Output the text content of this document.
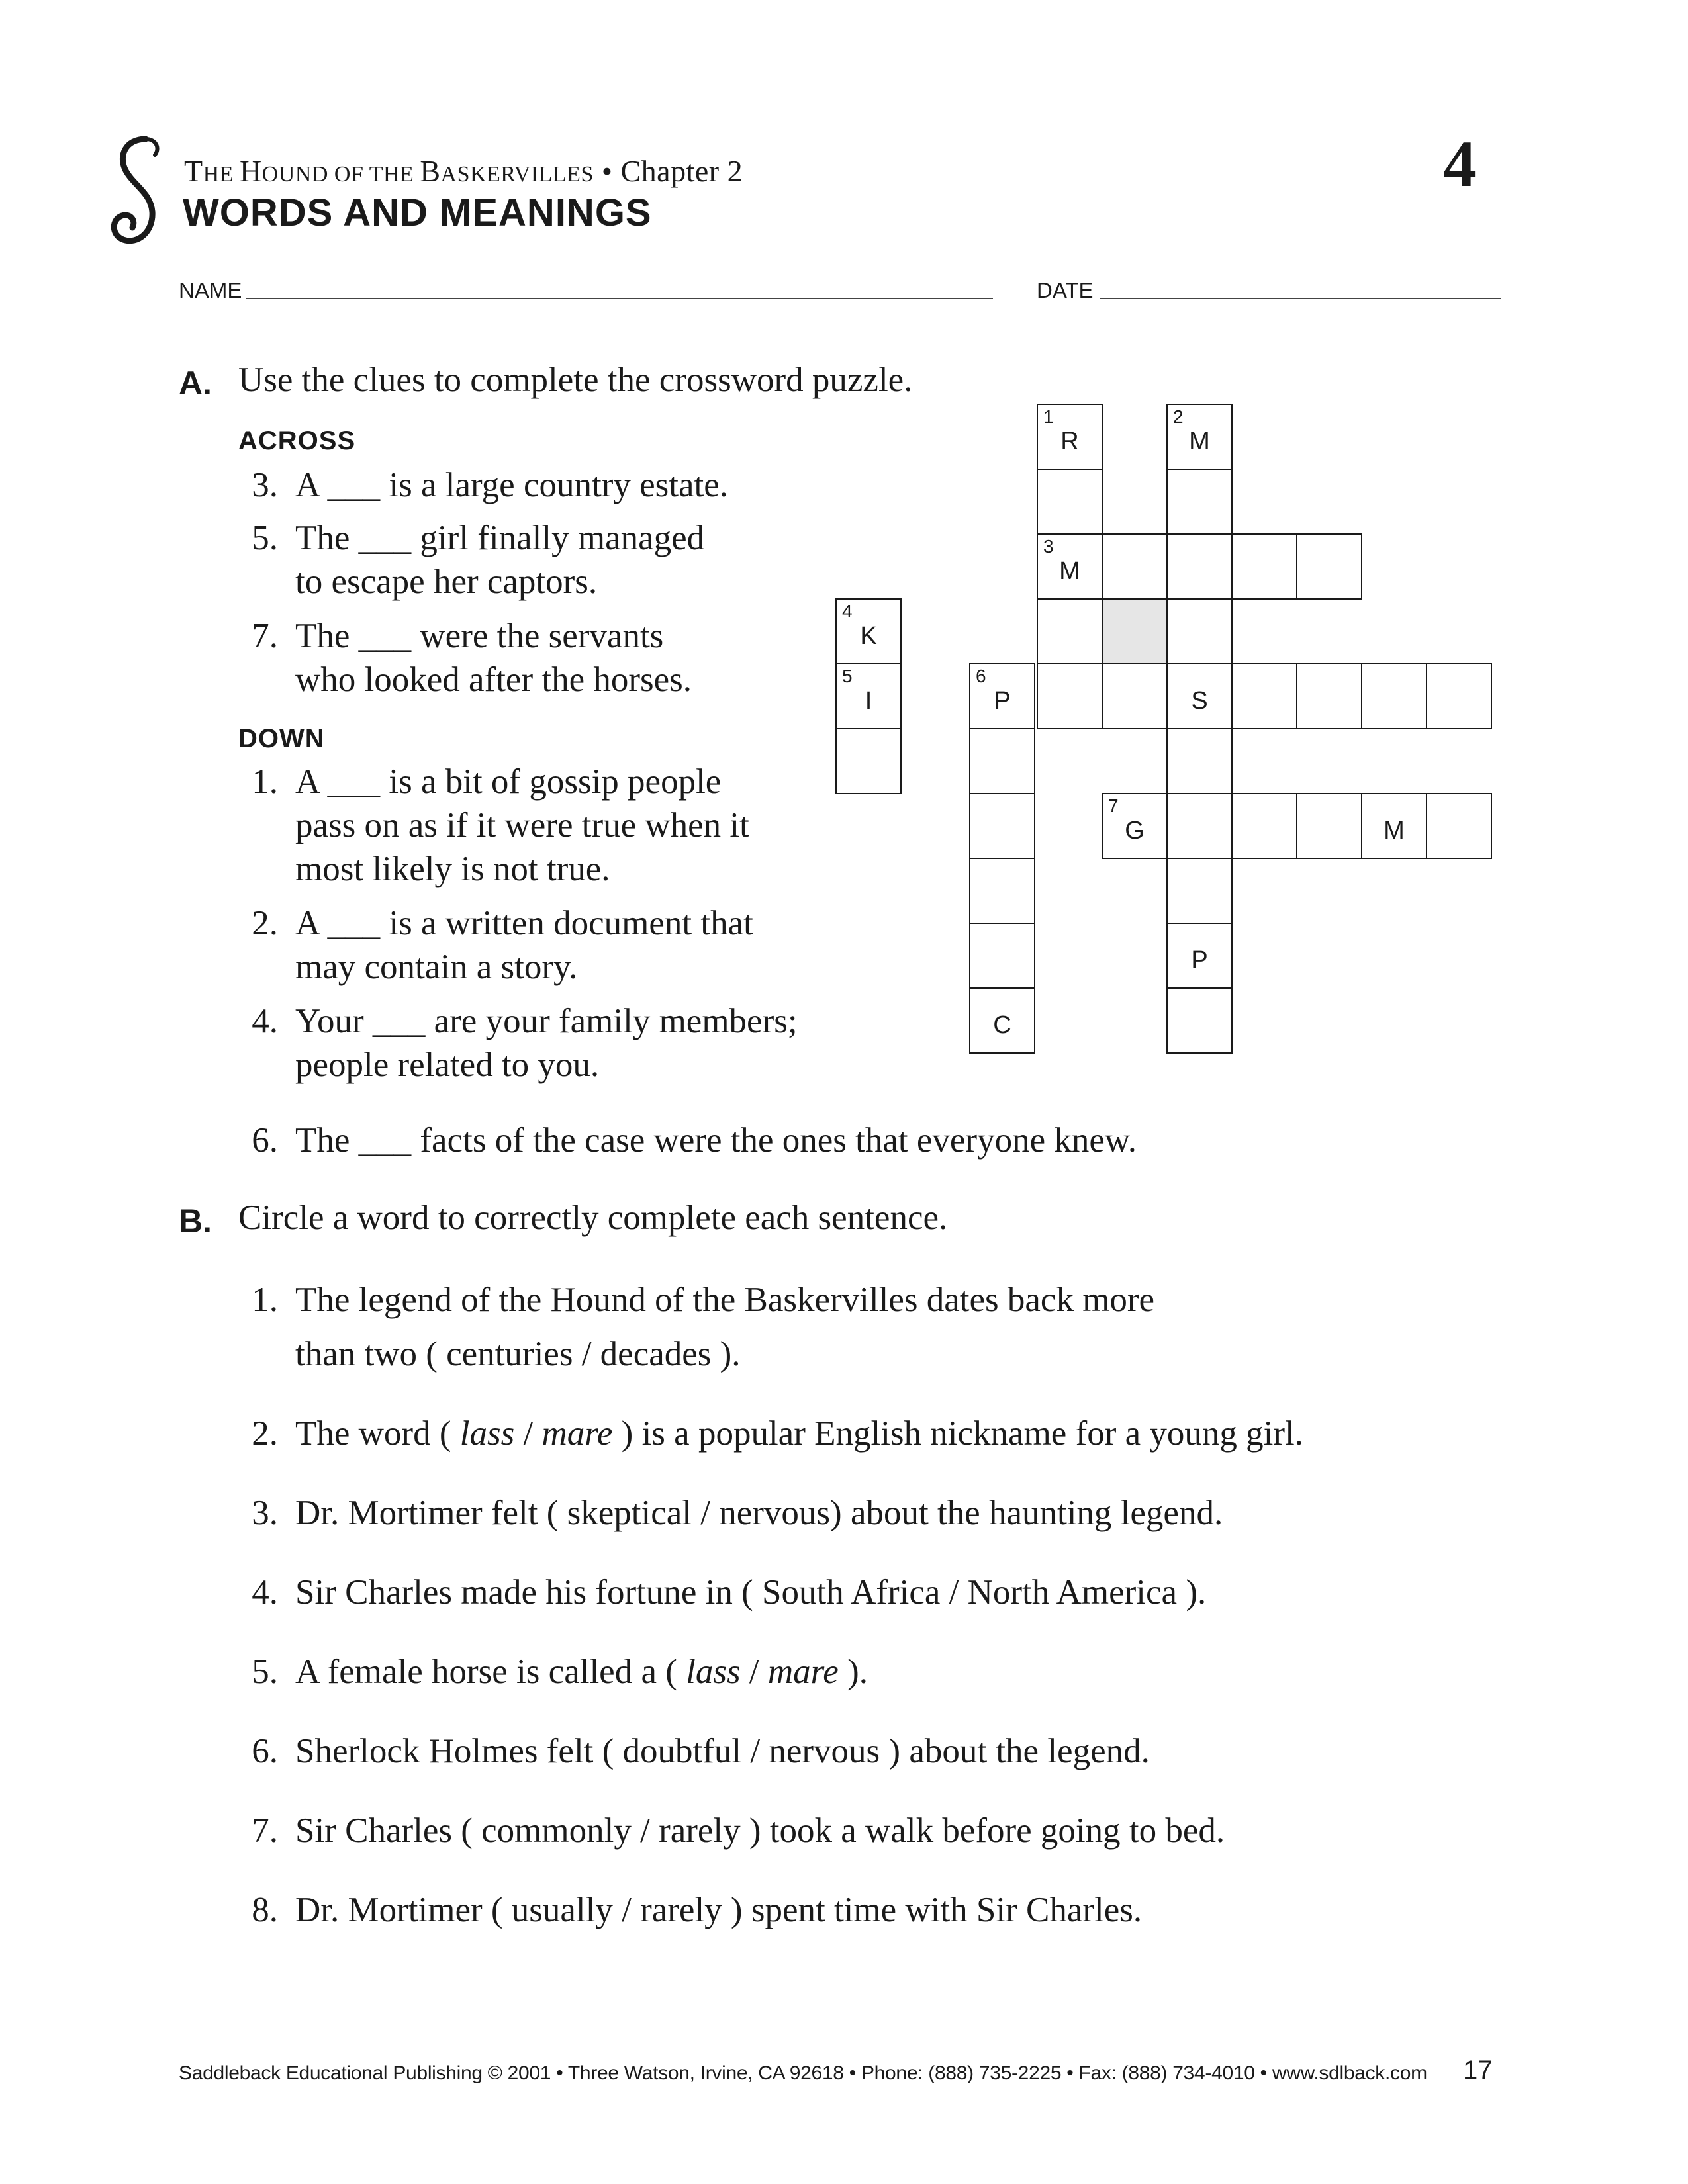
THE HOUND OF THE BASKERVILLES • Chapter 2
WORDS AND MEANINGS
4
NAME	DATE
A. Use the clues to complete the crossword puzzle.
ACROSS
3. A ___ is a large country estate.
5. The ___ girl finally managed
to escape her captors.
7. The ___ were the servants
who looked after the horses.
DOWN
1. A ___ is a bit of gossip people
pass on as if it were true when it
most likely is not true.
2. A ___ is a written document that
may contain a story.
4. Your ___ are your family members;
people related to you.
6. The ___ facts of the case were the ones that everyone knew.
1
R
3
M
2
M
S
P
4
K
5
I
6
P
C
7
G	M
B. Circle a word to correctly complete each sentence.
1. The legend of the Hound of the Baskervilles dates back more
than two ( centuries / decades ).
2. The word ( lass / mare ) is a popular English nickname for a young girl.
3. Dr. Mortimer felt ( skeptical / nervous) about the haunting legend.
4. Sir Charles made his fortune in ( South Africa / North America ).
5. A female horse is called a ( lass / mare ).
6. Sherlock Holmes felt ( doubtful / nervous ) about the legend.
7. Sir Charles ( commonly / rarely ) took a walk before going to bed.
8. Dr. Mortimer ( usually / rarely ) spent time with Sir Charles.
Saddleback Educational Publishing © 2001 • Three Watson, Irvine, CA 92618 • Phone: (888) 735-2225 • Fax: (888) 734-4010 • www.sdlback.com 17
